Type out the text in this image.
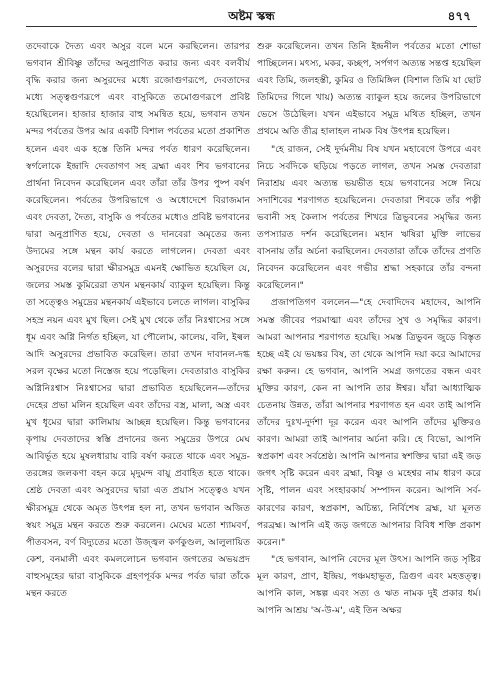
অষ্টম স্কন্ধ	৪৭৭

তদেবাকে দৈত্য এবং অসুর বলে মনে করছিলেন। তারপর ভগবান শ্রীবিষ্ণু তাঁদের অনুপ্রাণিত করার জন্য এবং বলবীর্য বৃদ্ধি করার জন্য অসুরদের মধ্যে রজোগুণরূপে, দেবতাদের মধ্যে সত্ত্বগুণরূপে এবং বাসুকিতে তমোগুণরূপে প্রবিষ্ট হয়েছিলেন। হাজার হাজার বাহু সমন্বিত হয়ে, ভগবান তখন মন্দর পর্বতের উপর আর একটি বিশাল পর্বতের মতো প্রকাশিত হলেন এবং এক হস্তে তিনি মন্দর পর্বত ধারণ করেছিলেন। স্বর্গলোকে ইন্দ্রাদি দেবতাগণ সহ ব্রহ্মা এবং শিব ভগবানের প্রার্থনা নিবেদন করেছিলেন এবং তাঁরা তাঁর উপর পুষ্প বর্ষণ করেছিলেন। পর্বতের উপরিভাগে ও অধোদেশে বিরাজমান এবং দেবতা, দৈত্য, বাসুকি ও পর্বতের মধ্যেও প্রবিষ্ট ভগবানের দ্বারা অনুপ্রাণিত হয়ে, দেবতা ও দানবেরা অমৃতের জন্য উদ্যমের সঙ্গে মন্থন কার্য করতে লাগলেন। দেবতা এবং অসুরদের বলের দ্বারা ক্ষীরসমুদ্র এমনই ক্ষোভিত হয়েছিল যে, জলের সমস্ত কুমিরেরা তখন মন্থনকার্য ব্যাকুল হয়েছিল। কিন্তু তা সত্ত্বেও সমুদ্রের মন্থনকার্য এইভাবে চলতে লাগল। বাসুকির সহস্র নয়ন এবং মুখ ছিল। সেই মুখ থেকে তাঁর নিঃশ্বাসের সঙ্গে ধূম এবং অগ্নি নির্গত হচ্ছিল, যা পৌলোম, কালেয়, বলি, ইল্বল আদি অসুরদের প্রভাবিত করেছিল। তারা তখন দাবানল-দগ্ধ সরল বৃক্ষের মতো নিস্তেজ হয়ে পড়েছিল। দেবতারাও বাসুকির অগ্নিনিঃশ্বাস নিঃশ্বাসের দ্বারা প্রভাবিত হয়েছিলেন—তাঁদের দেহের প্রভা মলিন হয়েছিল এবং তাঁদের বস্ত্র, মালা, অস্ত্র এবং মুখ ধূমের দ্বারা কালিমায় আচ্ছন্ন হয়েছিল। কিন্তু ভগবানের কৃপায় দেবতাদের স্বস্তি প্রদানের জন্য সমুদ্রের উপরে মেঘ আবির্ভূত হয়ে মুষলধারায় বারি বর্ষণ করতে থাকে এবং সমুদ্র-তরঙ্গের জলকণা বহন করে মৃদুমন্দ বায়ু প্রবাহিত হতে থাকে। শ্রেষ্ঠ দেবতা এবং অসুরদের দ্বারা এত প্রয়াস সত্ত্বেও যখন ক্ষীরসমুদ্র থেকে অমৃত উৎপন্ন হল না, তখন ভগবান অজিত স্বয়ং সমুদ্র মন্থন করতে শুরু করলেন। মেঘের মতো শ্যামবর্ণ, পীতবসন, বর্ণ বিদ্যুতের মতো উজ্জ্বল কর্ণকুণ্ডল, আলুলায়িত কেশ, বনমালী এবং কমললোচন ভগবান জগতের অভয়প্রদ বাহুসমূহের দ্বারা বাসুকিকে গ্রহণপূর্বক মন্দর পর্বত দ্বারা তাঁকে মন্থন করতে

শুরু করেছিলেন। তখন তিনি ইন্দ্রনীল পর্বতের মতো শোভা পাচ্ছিলেন। মৎস্য, মকর, কচ্ছপ, সর্পগণ অত্যন্ত সন্তপ্ত হয়েছিল এবং তিমি, জলহস্তী, কুমির ও তিমিঙ্গিল (বিশাল তিমি যা ছোট তিমিদের গিলে খায়) অত্যন্ত ব্যাকুল হয়ে জলের উপরিভাগে ভেসে উঠেছিল। যখন এইভাবে সমুদ্র মথিত হচ্ছিল, তখন প্রথমে অতি তীব্র হালাহল নামক বিষ উৎপন্ন হয়েছিল।

"হে রাজন, সেই দুর্দমনীয় বিষ যখন মহাবেগে উপরে এবং নিচে সর্বদিকে ছড়িয়ে পড়তে লাগল, তখন সমস্ত দেবতারা নিরাশ্রয় এবং অত্যন্ত ভয়ভীত হয়ে ভগবানের সঙ্গে নিয়ে সদাশিবের শরণাগত হয়েছিলেন। দেবতারা শিবকে তাঁর পত্নী ভবানী সহ কৈলাস পর্বতের শিখরে ত্রিভুবনের সমৃদ্ধির জন্য তপস্যারত দর্শন করেছিলেন। মহান ঋষিরা মুক্তি লাভের বাসনায় তাঁর অর্চনা করছিলেন। দেবতারা তাঁকে তাঁদের প্রণতি নিবেদন করেছিলেন এবং গভীর শ্রদ্ধা সহকারে তাঁর বন্দনা করেছিলেন।"

প্রজাপতিগণ বললেন—"হে দেবাদিদেব মহাদেব, আপনি সমস্ত জীবের পরমাত্মা এবং তাঁদের সুখ ও সমৃদ্ধির কারণ। আমরা আপনার শরণাগত হয়েছি। সমস্ত ত্রিভুবন জুড়ে বিস্তৃত হচ্ছে এই যে ভয়ঙ্কর বিষ, তা থেকে আপনি দয়া করে আমাদের রক্ষা করুন। হে ভগবান, আপনি সমগ্র জগতের বন্ধন এবং মুক্তির কারণ, কেন না আপনি তার ঈশ্বর। যাঁরা আধ্যাত্মিক চেতনায় উন্নত, তাঁরা আপনার শরণাগত হন এবং তাই আপনি তাঁদের দুঃখ-দুর্দশা দূর করেন এবং আপনি তাঁদের মুক্তিরও কারণ। আমরা তাই আপনার অর্চনা করি। হে বিভো, আপনি স্বপ্রকাশ এবং সর্বশ্রেষ্ঠ। আপনি আপনার স্বশক্তির দ্বারা এই জড় জগৎ সৃষ্টি করেন এবং ব্রহ্মা, বিষ্ণু ও মহেশ্বর নাম ধারণ করে সৃষ্টি, পালন এবং সংহারকার্য সম্পাদন করেন। আপনি সর্ব-কারণের কারণ, স্বপ্রকাশ, অচিন্ত্য, নির্বিশেষ ব্রহ্ম, যা মূলত পরব্রহ্ম। আপনি এই জড় জগতে আপনার বিবিধ শক্তি প্রকাশ করেন।"

"হে ভগবান, আপনি বেদের মূল উৎস। আপনি জড় সৃষ্টির মূল কারণ, প্রাণ, ইন্দ্রিয়, পঞ্চমহাভূত, ত্রিগুণ এবং মহত্তত্ত্ব। আপনি কাল, সঙ্কল্প এবং সত্য ও ঋত নামক দুই প্রকার ধর্ম। আপনি আশ্রয় 'অ-উ-ম', এই তিন অক্ষর
